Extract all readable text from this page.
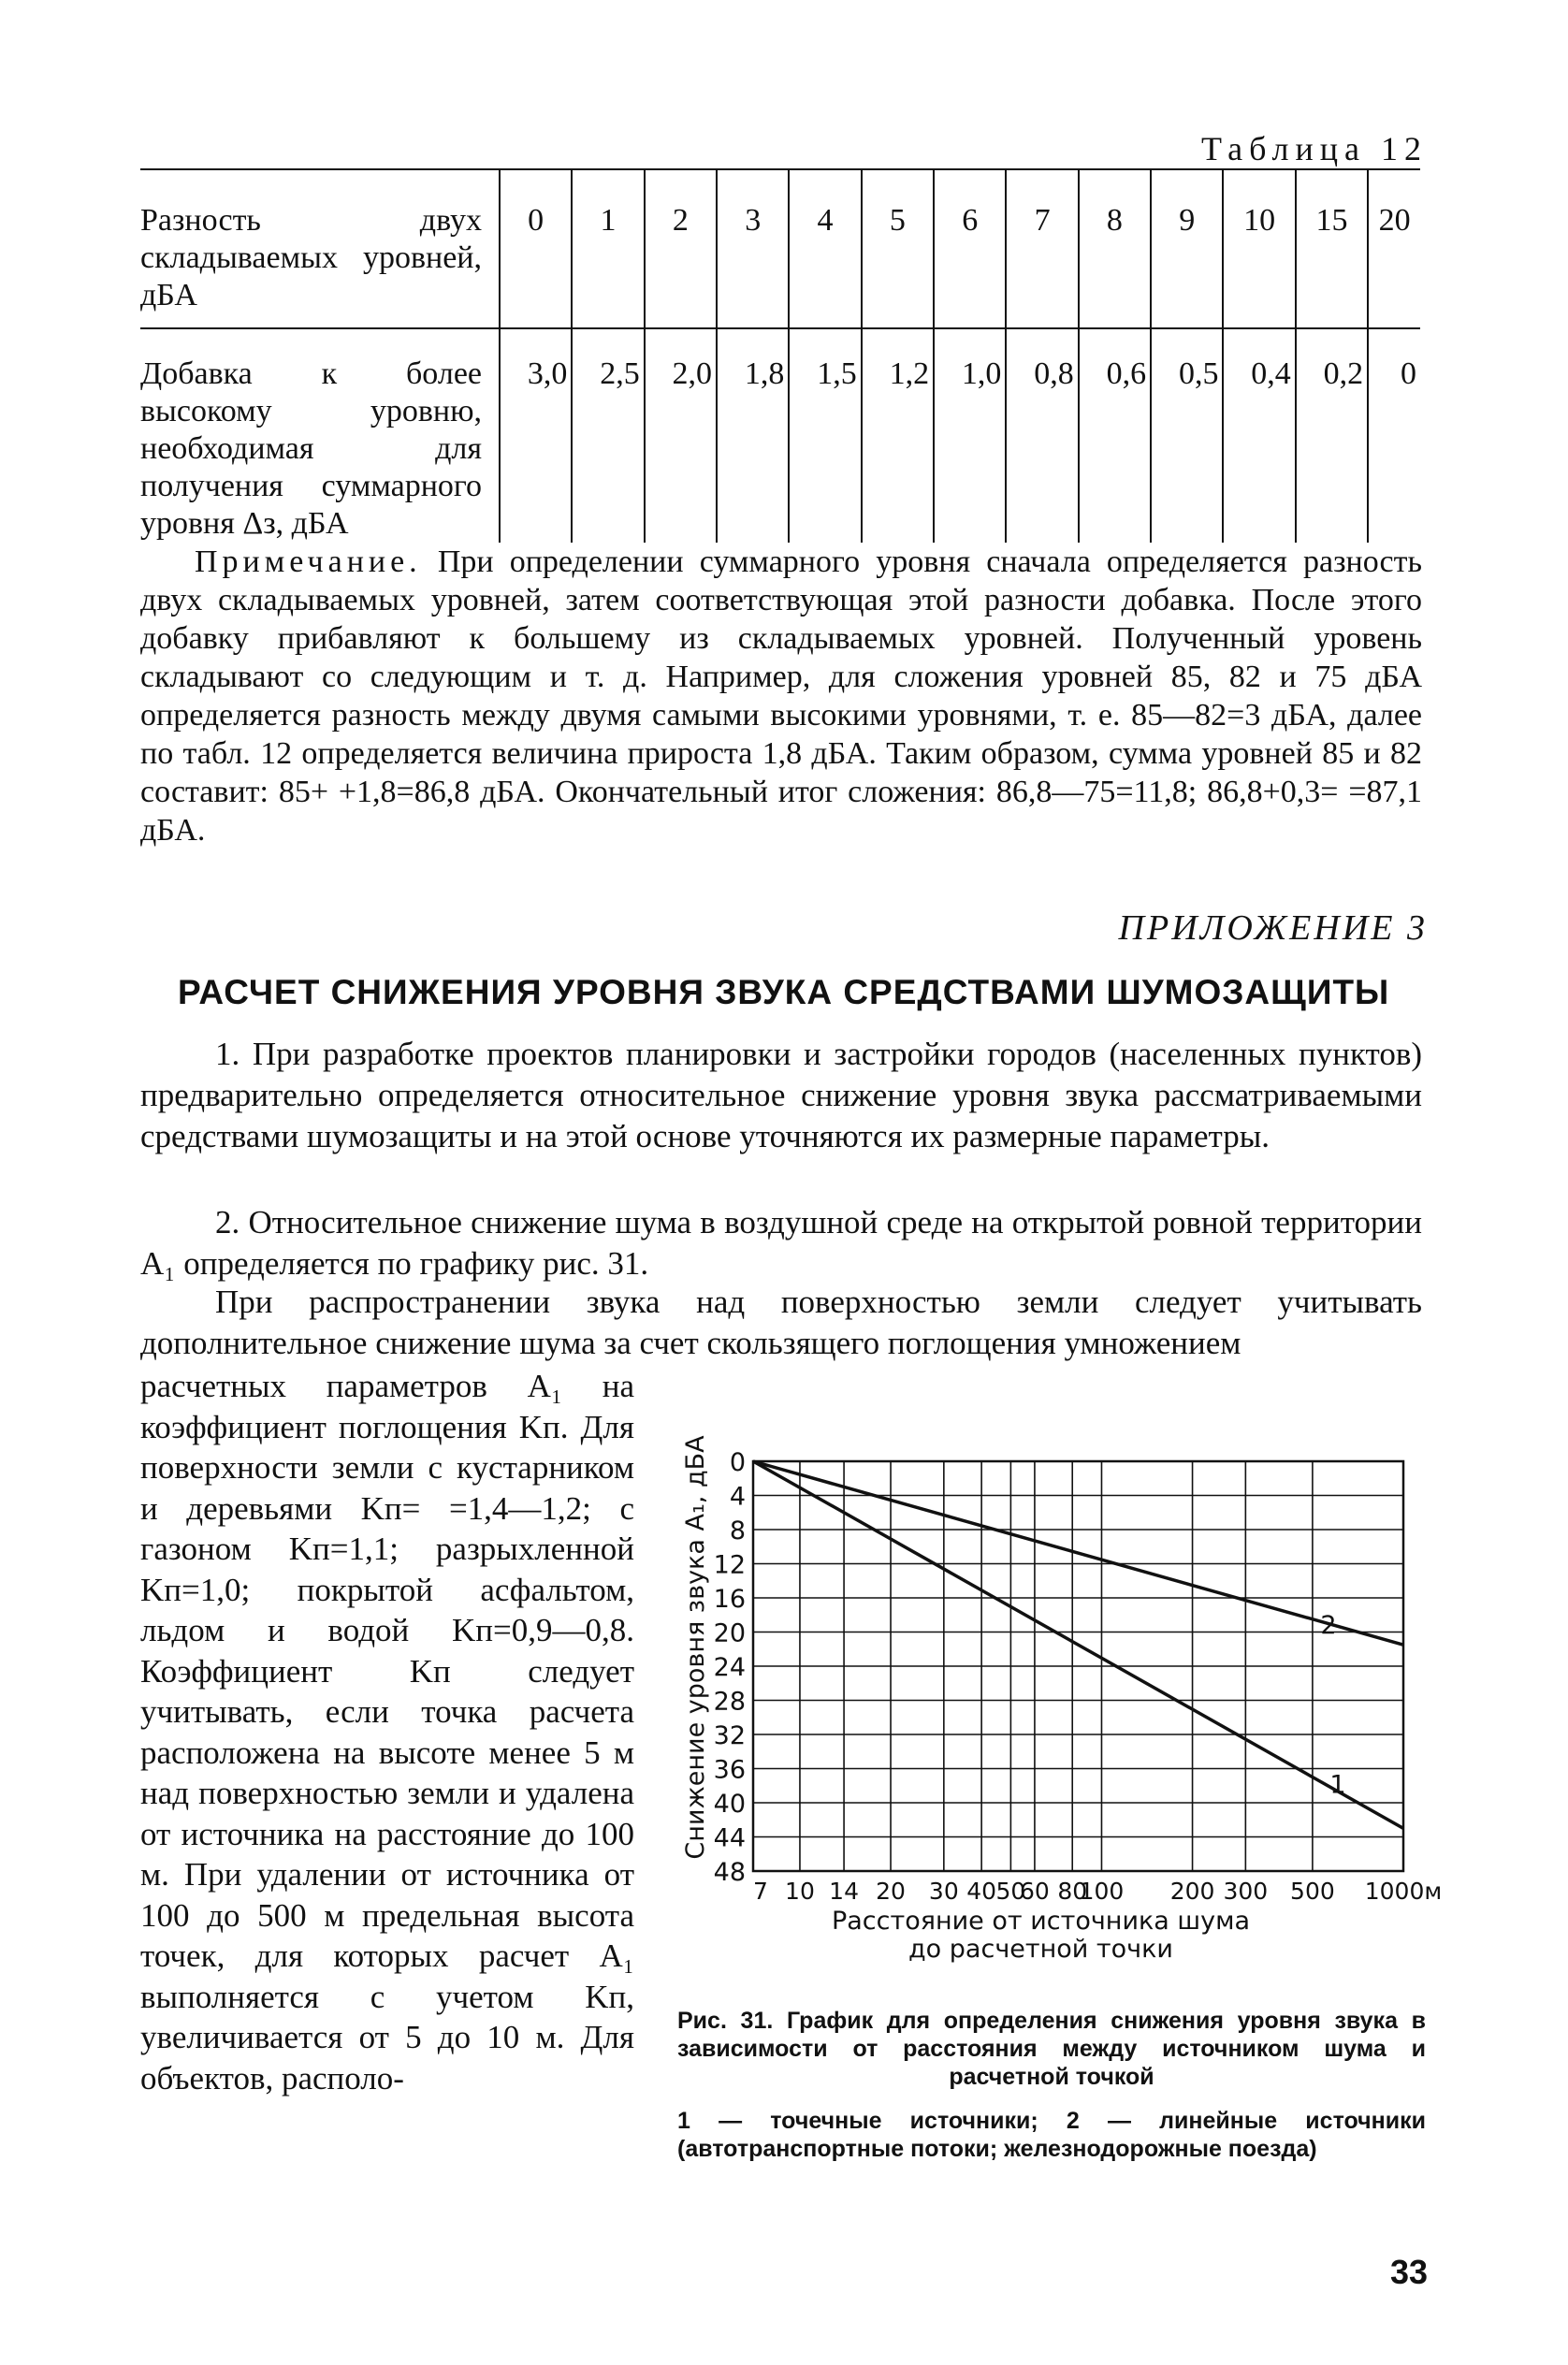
Таблица 12
Разность двух складываемых уровней, дБА	0	1	2	3	4	5	6	7	8	9	10	15	20
Добавка к более высокому уровню, необходимая для получения суммарного уровня Δз, дБА	3,0	2,5	2,0	1,8	1,5	1,2	1,0	0,8	0,6	0,5	0,4	0,2	0
Примечание. При определении суммарного уровня сначала определяется разность двух складываемых уровней, затем соответствующая этой разности добавка. После этого добавку прибавляют к большему из складываемых уровней. Полученный уровень складывают со следующим и т. д. Например, для сложения уровней 85, 82 и 75 дБА определяется разность между двумя самыми высокими уровнями, т. е. 85—82=3 дБА, далее по табл. 12 определяется величина прироста 1,8 дБА. Таким образом, сумма уровней 85 и 82 составит: 85+ +1,8=86,8 дБА. Окончательный итог сложения: 86,8—75=11,8; 86,8+0,3= =87,1 дБА.
ПРИЛОЖЕНИЕ 3
РАСЧЕТ СНИЖЕНИЯ УРОВНЯ ЗВУКА СРЕДСТВАМИ ШУМОЗАЩИТЫ
1. При разработке проектов планировки и застройки городов (населенных пунктов) предварительно определяется относительное снижение уровня звука рассматриваемыми средствами шумозащиты и на этой основе уточняются их размерные параметры.
2. Относительное снижение шума в воздушной среде на открытой ровной территории A₁ определяется по графику рис. 31.
При распространении звука над поверхностью земли следует учитывать дополнительное снижение шума за счет скользящего поглощения умножением
расчетных параметров A₁ на коэффициент поглощения Kп. Для поверхности земли с кустарником и деревьями Kп= =1,4—1,2; с газоном Kп=1,1; разрыхленной Kп=1,0; покрытой асфальтом, льдом и водой Kп=0,9—0,8. Коэффициент Kп следует учитывать, если точка расчета расположена на высоте менее 5 м над поверхностью земли и удалена от источника на расстояние до 100 м. При удалении от источника от 100 до 500 м предельная высота точек, для которых расчет A₁ выполняется с учетом Kп, увеличивается от 5 до 10 м. Для объектов, располо-
0
4
8
12
16
20
24
28
32
36
40
44
48
7 10 14 20 30 40 50
60 80
100 200 300 500 1000м
1
2
Снижение уровня звука A₁, дБА
Расстояние от источника шума
до расчетной точки
Рис. 31. График для определения снижения уровня звука в зависимости от расстояния между источником шума и расчетной точкой
1 — точечные источники; 2 — линейные источники (автотранспортные потоки; железнодорожные поезда)
33
